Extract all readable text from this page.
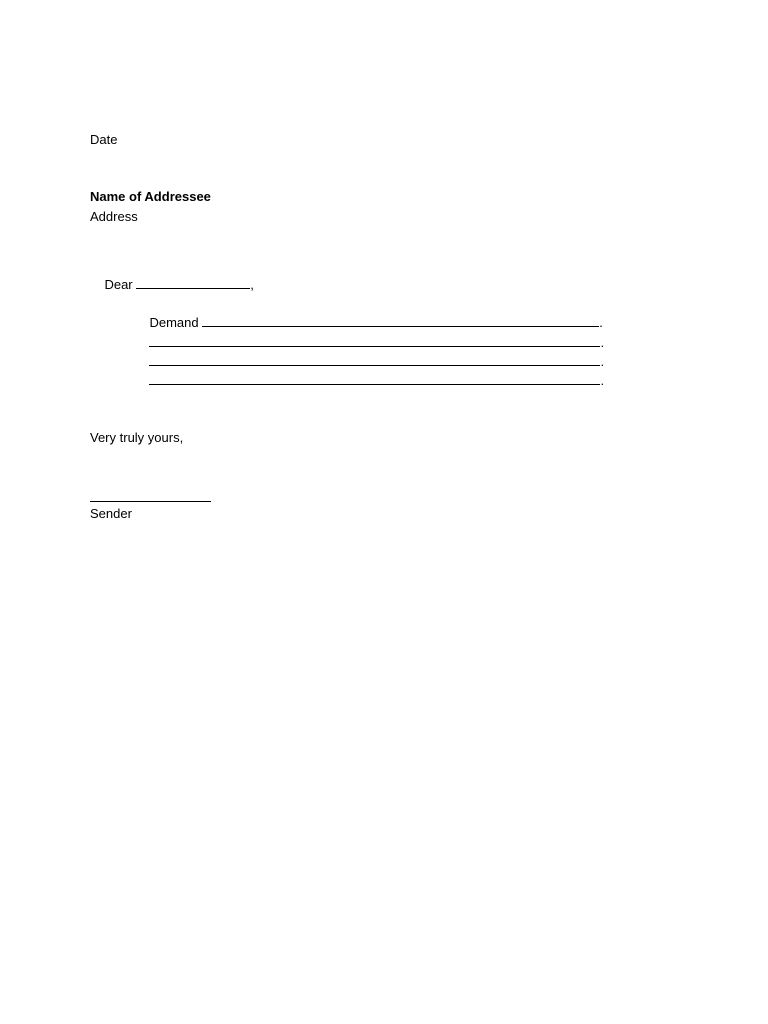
Date
Name of Addressee
Address

Dear	,

Demand	.

.

.

.

Very truly yours,
Sender
